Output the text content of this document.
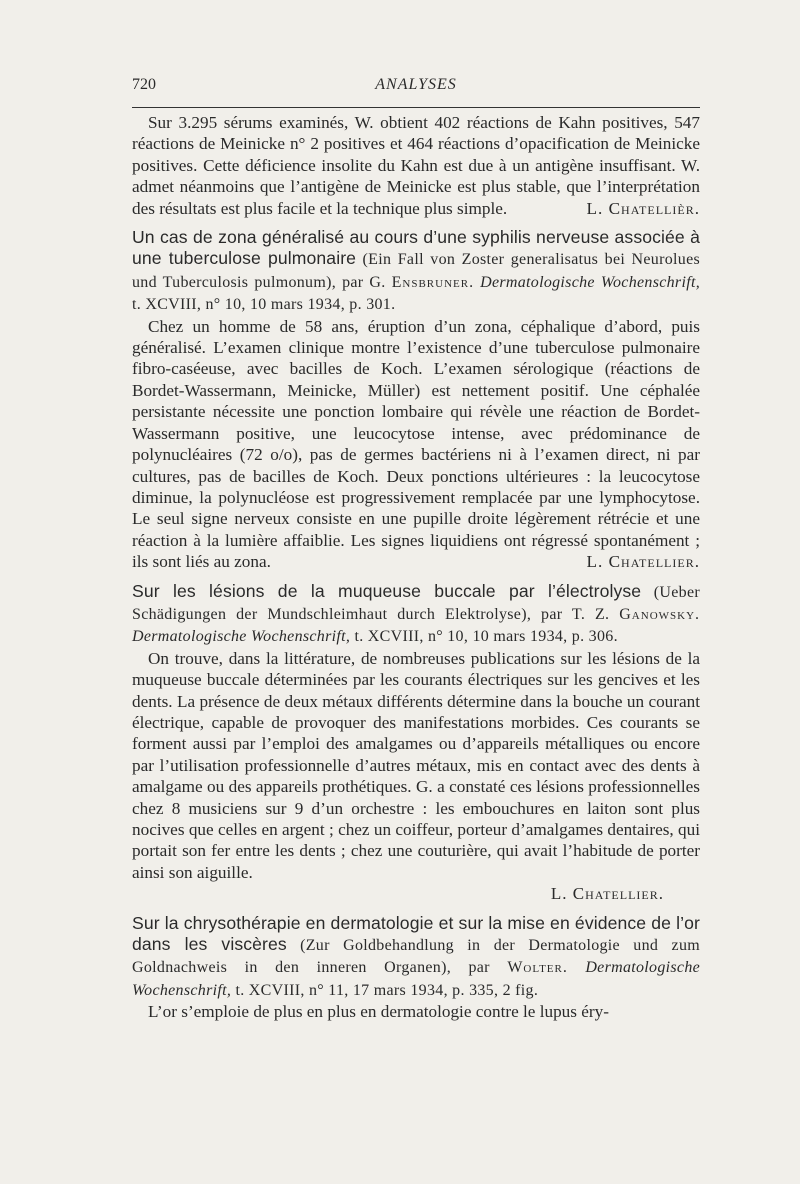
720	ANALYSES

Sur 3.295 sérums examinés, W. obtient 402 réactions de Kahn positives, 547 réactions de Meinicke n° 2 positives et 464 réactions d’opacification de Meinicke positives. Cette déficience insolite du Kahn est due à un antigène insuffisant. W. admet néanmoins que l’antigène de Meinicke est plus stable, que l’interprétation des résultats est plus facile et la technique plus simple.	L. Chatellièr.

Un cas de zona généralisé au cours d’une syphilis nerveuse associée à une tuberculose pulmonaire (Ein Fall von Zoster generalisatus bei Neurolues und Tuberculosis pulmonum), par G. Ensbruner. Dermatologische Wochenschrift, t. XCVIII, n° 10, 10 mars 1934, p. 301.

Chez un homme de 58 ans, éruption d’un zona, céphalique d’abord, puis généralisé. L’examen clinique montre l’existence d’une tuberculose pulmonaire fibro-caséeuse, avec bacilles de Koch. L’examen sérologique (réactions de Bordet-Wassermann, Meinicke, Müller) est nettement positif. Une céphalée persistante nécessite une ponction lombaire qui révèle une réaction de Bordet-Wassermann positive, une leucocytose intense, avec prédominance de polynucléaires (72 o/o), pas de germes bactériens ni à l’examen direct, ni par cultures, pas de bacilles de Koch. Deux ponctions ultérieures : la leucocytose diminue, la polynucléose est progressivement remplacée par une lymphocytose. Le seul signe nerveux consiste en une pupille droite légèrement rétrécie et une réaction à la lumière affaiblie. Les signes liquidiens ont régressé spontanément ; ils sont liés au zona.	L. Chatellier.

Sur les lésions de la muqueuse buccale par l’électrolyse (Ueber Schädigungen der Mundschleimhaut durch Elektrolyse), par T. Z. Ganowsky. Dermatologische Wochenschrift, t. XCVIII, n° 10, 10 mars 1934, p. 306.

On trouve, dans la littérature, de nombreuses publications sur les lésions de la muqueuse buccale déterminées par les courants électriques sur les gencives et les dents. La présence de deux métaux différents détermine dans la bouche un courant électrique, capable de provoquer des manifestations morbides. Ces courants se forment aussi par l’emploi des amalgames ou d’appareils métalliques ou encore par l’utilisation professionnelle d’autres métaux, mis en contact avec des dents à amalgame ou des appareils prothétiques. G. a constaté ces lésions professionnelles chez 8 musiciens sur 9 d’un orchestre : les embouchures en laiton sont plus nocives que celles en argent ; chez un coiffeur, porteur d’amalgames dentaires, qui portait son fer entre les dents ; chez une couturière, qui avait l’habitude de porter ainsi son aiguille.

L. Chatellier.

Sur la chrysothérapie en dermatologie et sur la mise en évidence de l’or dans les viscères (Zur Goldbehandlung in der Dermatologie und zum Goldnachweis in den inneren Organen), par Wolter. Dermatologische Wochenschrift, t. XCVIII, n° 11, 17 mars 1934, p. 335, 2 fig.

L’or s’emploie de plus en plus en dermatologie contre le lupus éry-
